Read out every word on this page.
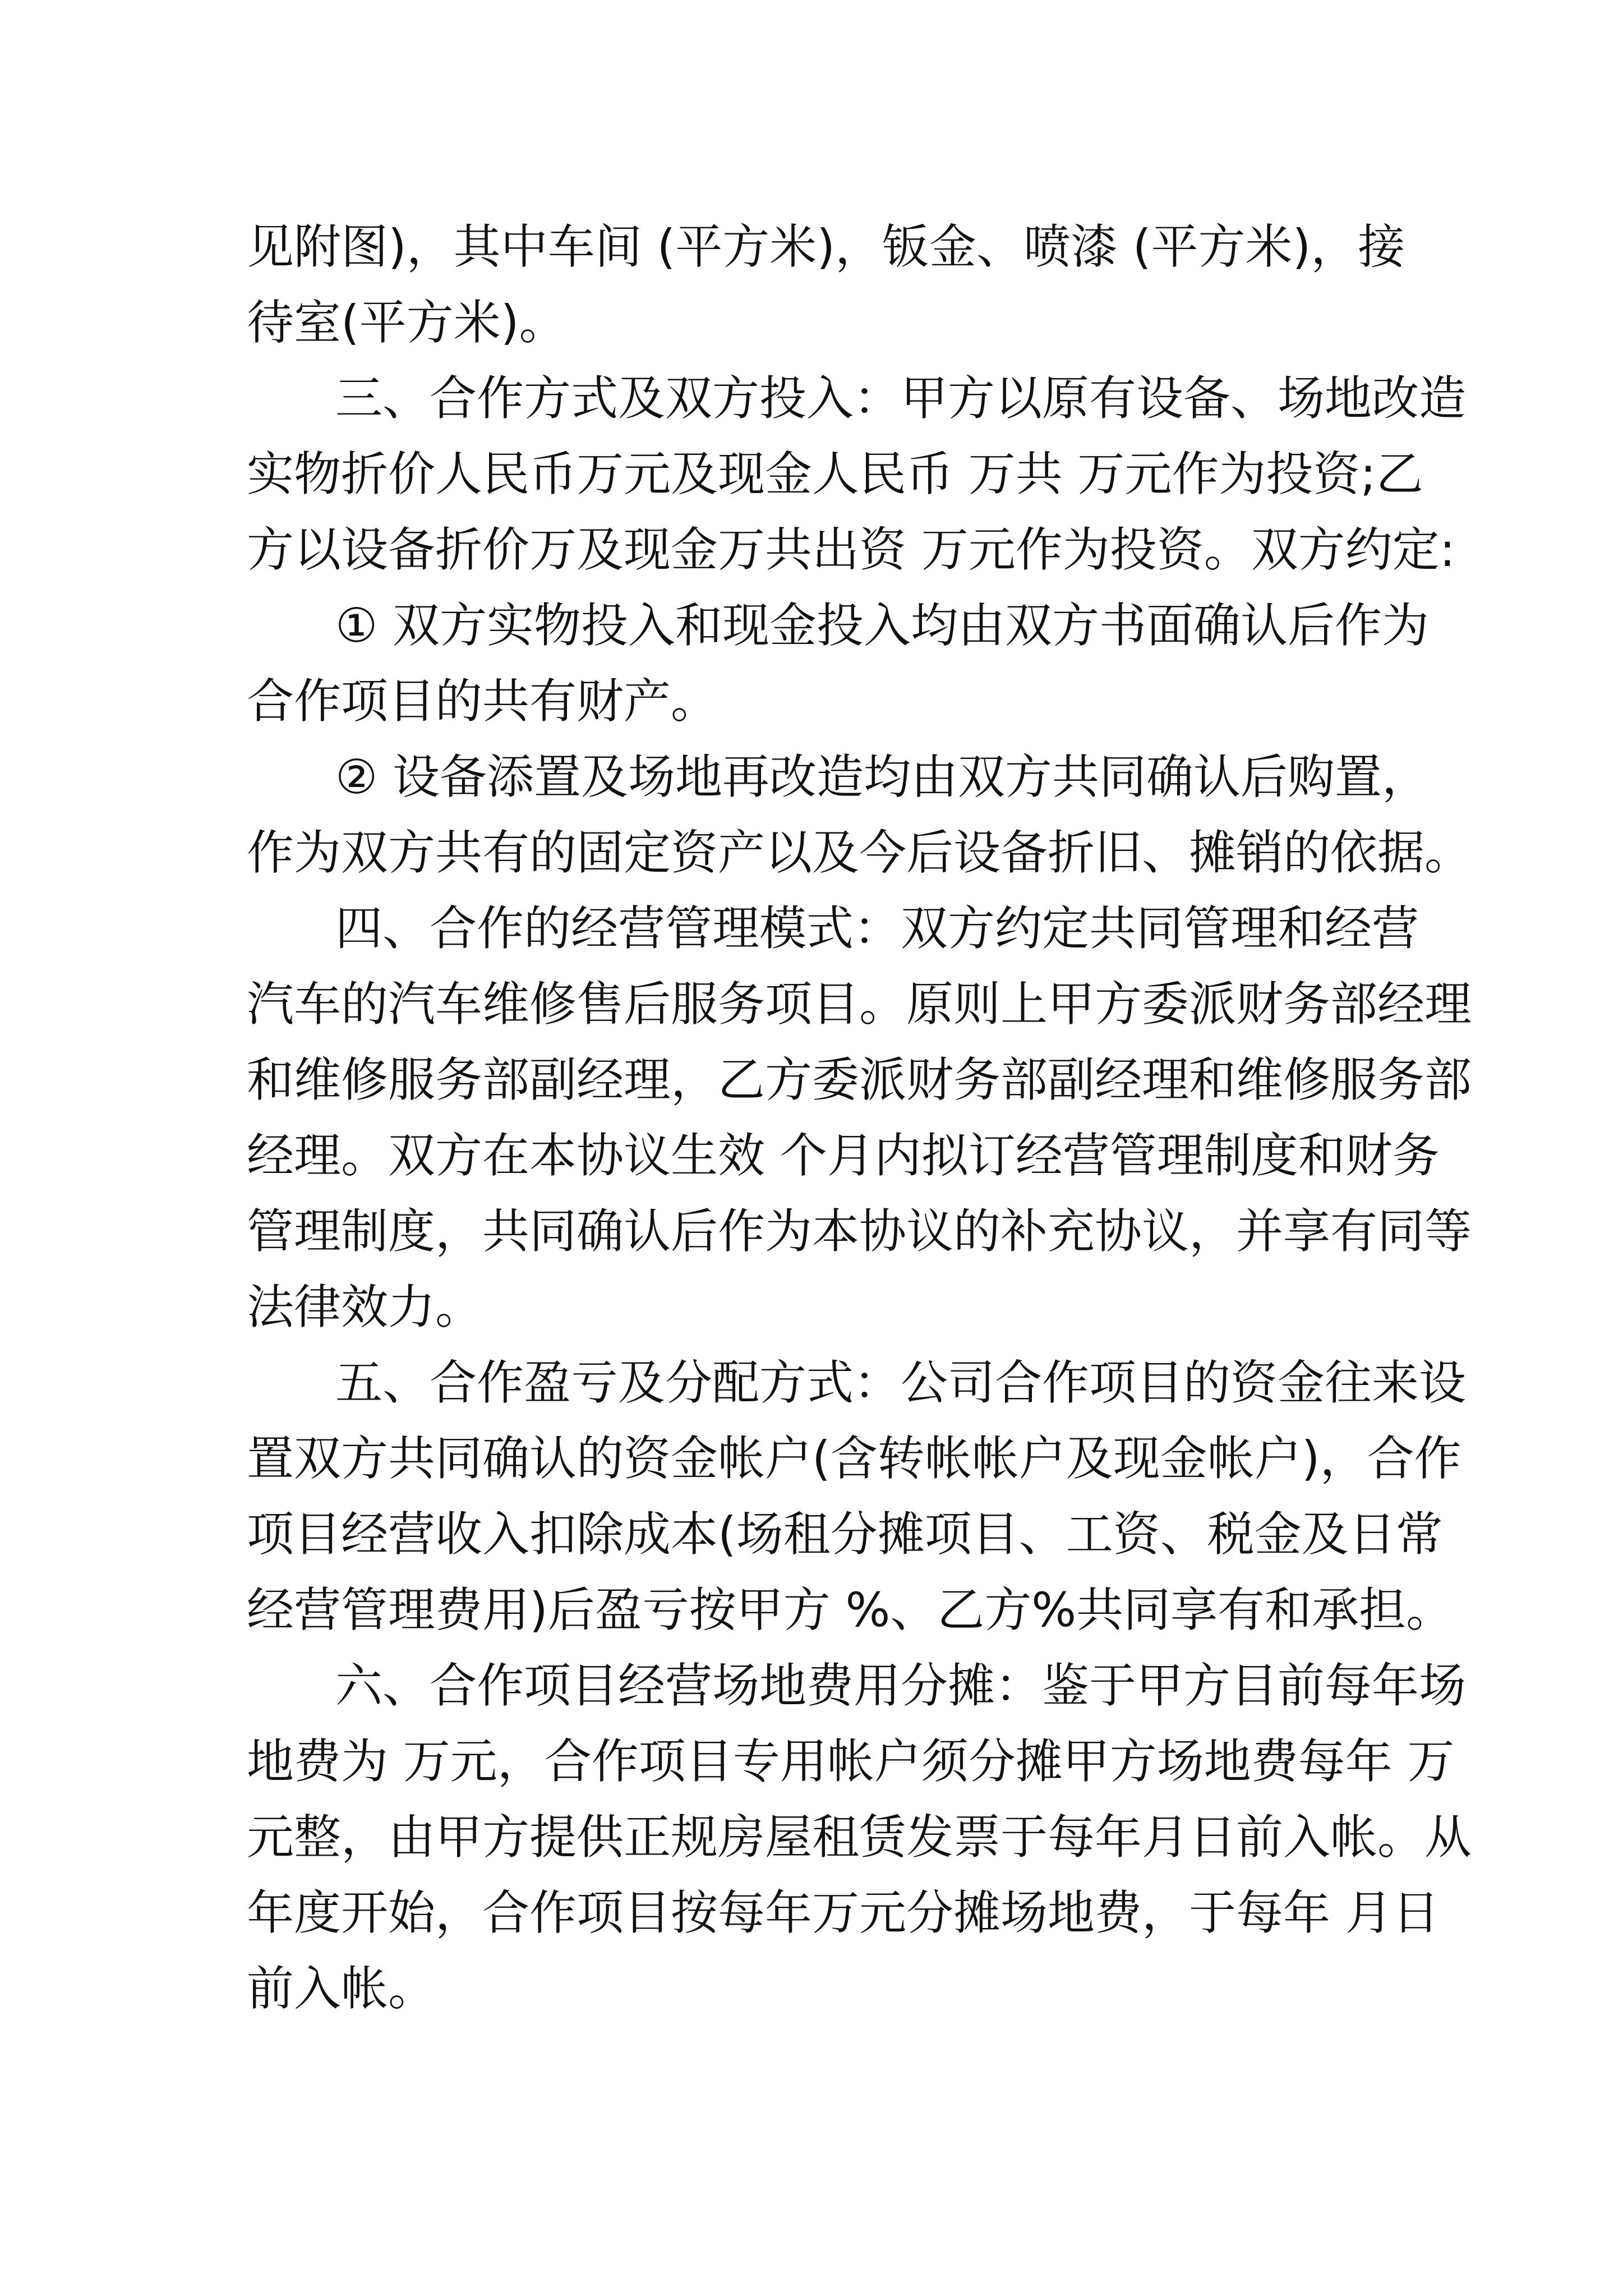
见附图)，其中车间 (平方米)，钣金、喷漆 (平方米)，接

待室(平方米)。

三、合作方式及双方投入：甲方以原有设备、场地改造

实物折价人民币万元及现金人民币 万共 万元作为投资;乙

方以设备折价万及现金万共出资 万元作为投资。双方约定:

① 双方实物投入和现金投入均由双方书面确认后作为

合作项目的共有财产。

② 设备添置及场地再改造均由双方共同确认后购置，

作为双方共有的固定资产以及今后设备折旧、摊销的依据。

四、合作的经营管理模式：双方约定共同管理和经营

汽车的汽车维修售后服务项目。原则上甲方委派财务部经理

和维修服务部副经理，乙方委派财务部副经理和维修服务部

经理。双方在本协议生效 个月内拟订经营管理制度和财务

管理制度，共同确认后作为本协议的补充协议，并享有同等

法律效力。

五、合作盈亏及分配方式：公司合作项目的资金往来设

置双方共同确认的资金帐户(含转帐帐户及现金帐户)，合作

项目经营收入扣除成本(场租分摊项目、工资、税金及日常

经营管理费用)后盈亏按甲方 %、乙方%共同享有和承担。

六、合作项目经营场地费用分摊：鉴于甲方目前每年场

地费为 万元，合作项目专用帐户须分摊甲方场地费每年 万

元整，由甲方提供正规房屋租赁发票于每年月日前入帐。从

年度开始，合作项目按每年万元分摊场地费，于每年 月日

前入帐。
